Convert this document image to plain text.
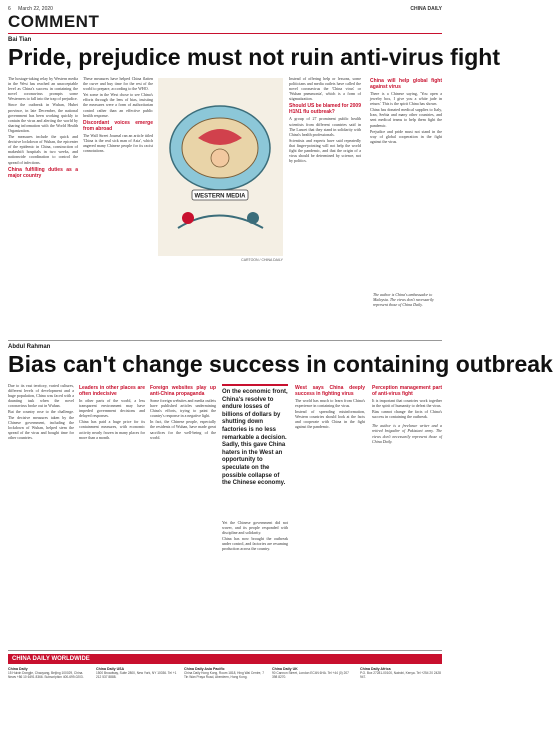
6 March 22, 2020	CHINA DAILY
COMMENT
Bai Tian
Pride, prejudice must not ruin anti-virus fight

The hostage-taking relay by Western media in the West has reached an unacceptable level as China's success in containing the novel coronavirus prompts some Westerners to fall into the trap of prejudice.

Since the outbreak in Wuhan, Hubei province, in late December, the national government has been working quickly to contain the virus and alerting the world by sharing information with the World Health Organization.

The measures include the quick and decisive lockdown of Wuhan, the epicenter of the epidemic in China, construction of makeshift hospitals in two weeks, and nationwide coordination to control the spread of infections.

China fulfilling duties as a major country

These measures have helped China flatten the curve and buy time for the rest of the world to prepare, according to the WHO.

Yet some in the West chose to see China's efforts through the lens of bias, insisting the measures were a form of authoritarian control rather than an effective public health response.

Discordant voices emerge from abroad

The Wall Street Journal ran an article titled 'China is the real sick man of Asia', which angered many Chinese people for its racist connotations.

WESTERN MEDIA
CARTOON / CHINA DAILY

Instead of offering help or lessons, some politicians and media outlets have called the novel coronavirus the 'China virus' or 'Wuhan pneumonia', which is a form of stigmatization.

Should US be blamed for 2009 H1N1 flu outbreak?

A group of 27 prominent public health scientists from different countries said in The Lancet that they stand in solidarity with China's health professionals.

Scientists and experts have said repeatedly that finger-pointing will not help the world fight the pandemic, and that the origin of a virus should be determined by science, not by politics.

China will help global fight against virus

There is a Chinese saying, 'You open a jewelry box, I give you a white jade in return.' This is the spirit China has shown.

China has donated medical supplies to Italy, Iran, Serbia and many other countries, and sent medical teams to help them fight the pandemic.

Prejudice and pride must not stand in the way of global cooperation in the fight against the virus.

The author is China's ambassador to Malaysia. The views don't necessarily represent those of China Daily.
Abdul Rahman
Bias can't change success in containing outbreak

Due to its vast territory, varied cultures, different levels of development and a huge population, China was faced with a daunting task when the novel coronavirus broke out in Wuhan.

But the country rose to the challenge. The decisive measures taken by the Chinese government, including the lockdown of Wuhan, helped stem the spread of the virus and bought time for other countries.

Leaders in other places are often indecisive

In other parts of the world, a less transparent environment may have impeded government decisions and delayed responses.

China has paid a huge price for its containment measures, with economic activity nearly frozen in many places for more than a month.

Foreign websites play up anti-China propaganda

Some foreign websites and media outlets have published articles undermining China's efforts, trying to paint the country's response in a negative light.

In fact, the Chinese people, especially the residents of Wuhan, have made great sacrifices for the well-being of the world.

On the economic front, China's resolve to endure losses of billions of dollars by shutting down factories is no less remarkable a decision. Sadly, this gave China haters in the West an opportunity to speculate on the possible collapse of the Chinese economy.

Yet the Chinese government did not waver, and its people responded with discipline and solidarity.

China has now brought the outbreak under control, and factories are resuming production across the country.

West says China deeply success in fighting virus

The world has much to learn from China's experience in containing the virus.

Instead of spreading misinformation, Western countries should look at the facts and cooperate with China in the fight against the pandemic.

Perception management part of anti-virus fight

It is important that countries work together in the spirit of humanity to defeat the virus.

Bias cannot change the facts of China's success in containing the outbreak.

The author is a freelance writer and a retired brigadier of Pakistani army. The views don't necessarily represent those of China Daily.

CHINA DAILY WORLDWIDE
China Daily
15 Huixin Dongjie, Chaoyang, Beijing 100029, China. News +86 10 6491 8366. Subscription 400-699-0203.
China Daily USA
1500 Broadway, Suite 2800, New York, NY 10036. Tel +1 212 537 8888.
China Daily Asia Pacific
China Daily Hong Kong, Room 1818, Hing Wai Centre, 7 Tin Wan Praya Road, Aberdeen, Hong Kong.
China Daily UK
90 Cannon Street, London EC4N 6HA. Tel +44 (0) 207 398 8270.
China Daily Africa
P.O. Box 27281-00100, Nairobi, Kenya. Tel +254 20 2428 947.
